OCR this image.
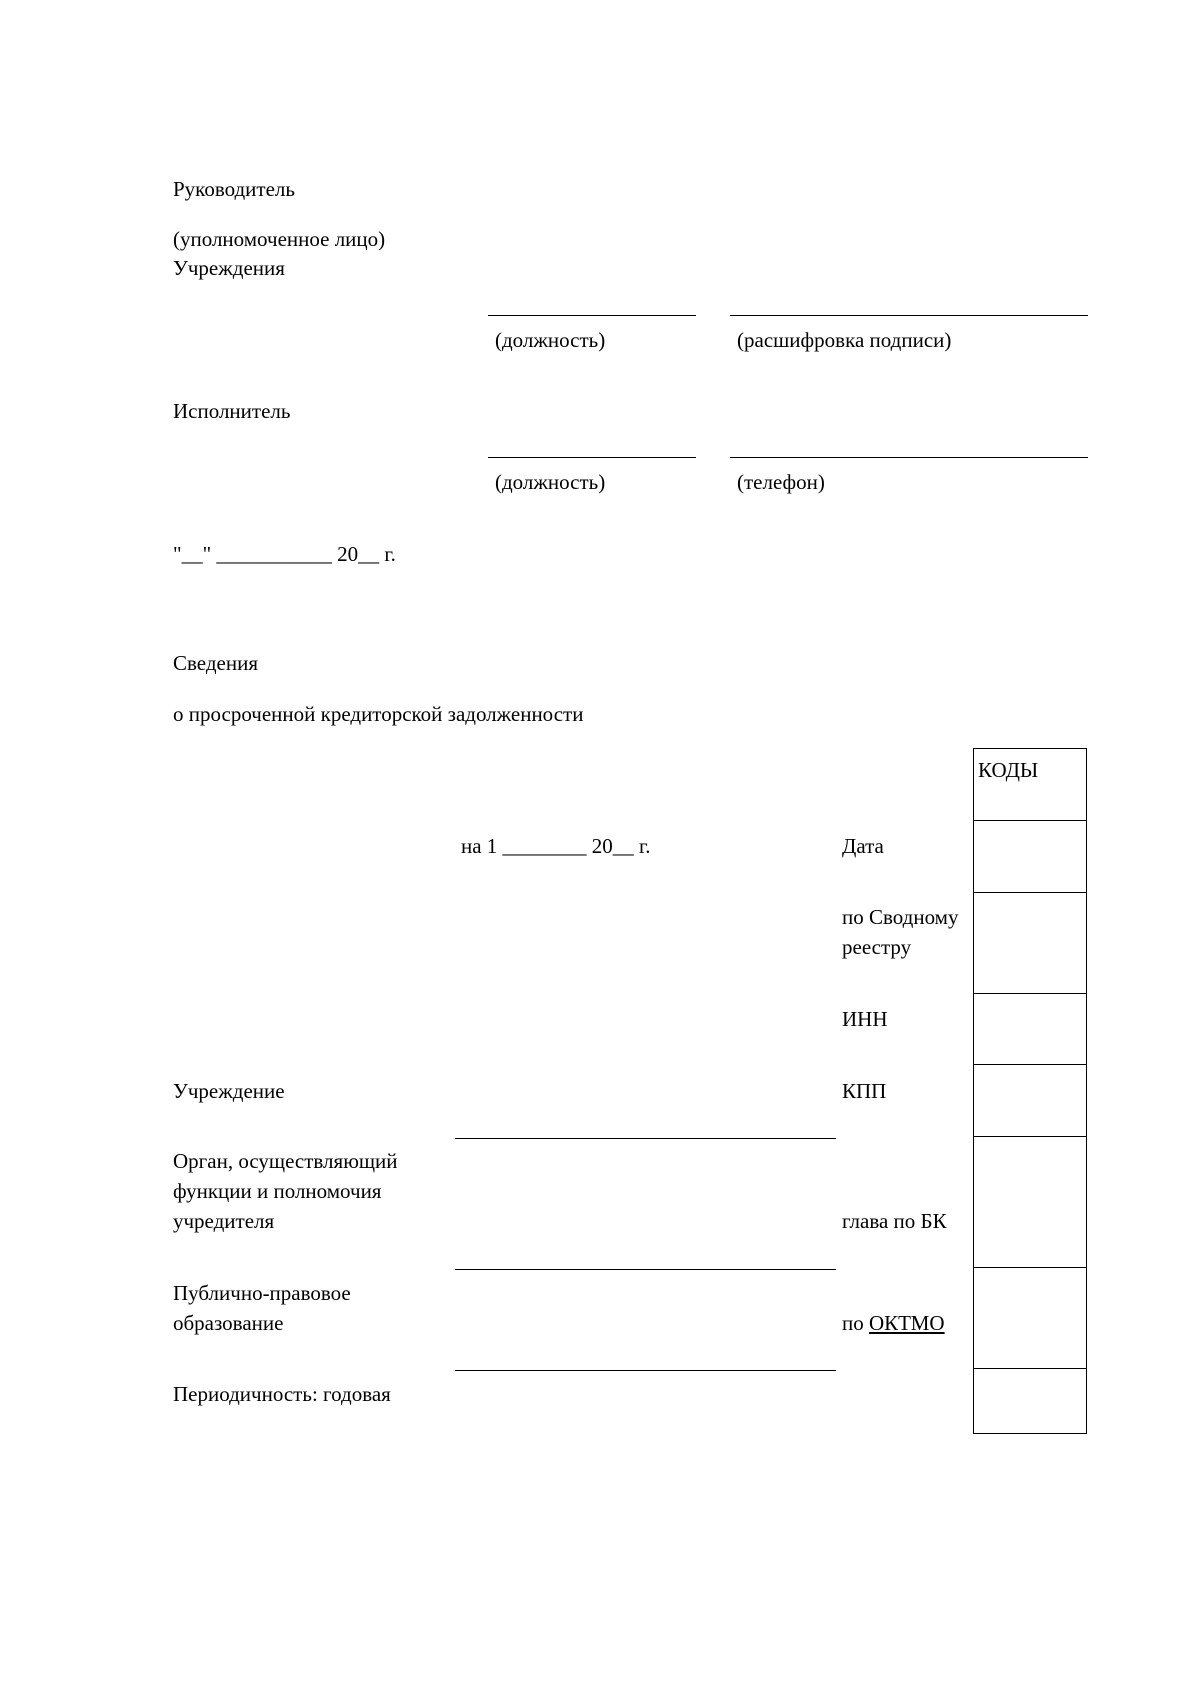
Руководитель

(уполномоченное лицо)

Учреждения

(должность)	(расшифровка подписи)

Исполнитель

(должность)	(телефон)

"__" ___________ 20__ г.

Сведения

о просроченной кредиторской задолженности

на 1 ________ 20__ г.

Учреждение

Орган, осуществляющий

функции и полномочия

учредителя

Публично-правовое

образование

Периодичность: годовая

Дата

по Сводному

реестру

ИНН

КПП

глава по БК

по ОКТМО

КОДЫ
